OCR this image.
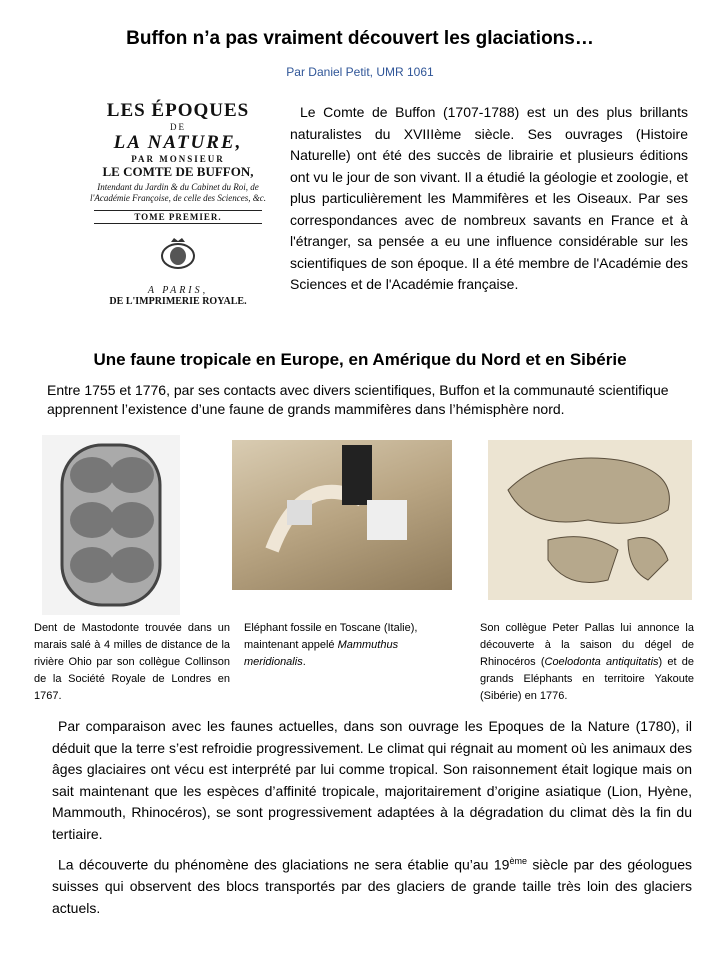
Buffon n’a pas vraiment découvert les glaciations…
Par Daniel Petit, UMR 1061
LES ÉPOQUES
DE
LA NATURE,
PAR MONSIEUR
LE COMTE DE BUFFON,
Intendant du Jardin & du Cabinet du Roi, de l'Académie Françoise, de celle des Sciences, &c.
TOME PREMIER.
A PARIS,
DE L'IMPRIMERIE ROYALE.
Le Comte de Buffon (1707-1788) est un des plus brillants naturalistes du XVIIIème siècle. Ses ouvrages (Histoire Naturelle) ont été des succès de librairie et plusieurs éditions ont vu le jour de son vivant. Il a étudié la géologie et zoologie, et plus particulièrement les Mammifères et les Oiseaux. Par ses correspondances avec de nombreux savants en France et à l'étranger, sa pensée a eu une influence considérable sur les scientifiques de son époque. Il a été membre de l'Académie des Sciences et de l'Académie française.
Une faune tropicale en Europe, en Amérique du Nord et en Sibérie
Entre 1755 et 1776, par ses contacts avec divers scientifiques, Buffon et la communauté scientifique apprennent l’existence d’une faune de grands mammifères dans l’hémisphère nord.
Dent de Mastodonte trouvée dans un marais salé à 4 milles de distance de la rivière Ohio par son collègue Collinson de la Société Royale de Londres en 1767.
Eléphant fossile en Toscane (Italie), maintenant appelé Mammuthus meridionalis.
Son collègue Peter Pallas lui annonce la découverte à la saison du dégel de Rhinocéros (Coelodonta antiquitatis) et de grands Eléphants en territoire Yakoute (Sibérie) en 1776.
Par comparaison avec les faunes actuelles, dans son ouvrage les Epoques de la Nature (1780), il déduit que la terre s’est refroidie progressivement. Le climat qui régnait au moment où les animaux des âges glaciaires ont vécu est interprété par lui comme tropical. Son raisonnement était logique mais on sait maintenant que les espèces d’affinité tropicale, majoritairement d’origine asiatique (Lion, Hyène, Mammouth, Rhinocéros), se sont progressivement adaptées à la dégradation du climat dès la fin du tertiaire.
La découverte du phénomène des glaciations ne sera établie qu’au 19ème siècle par des géologues suisses qui observent des blocs transportés par des glaciers de grande taille très loin des glaciers actuels.
